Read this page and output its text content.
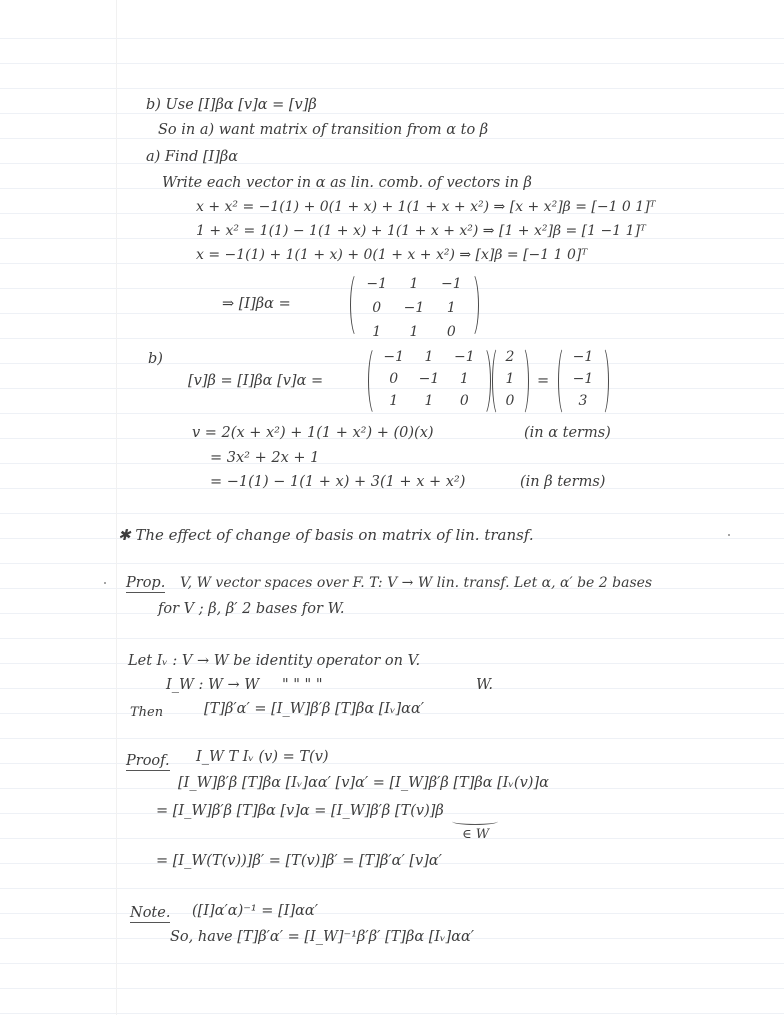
b) Use [I]βα [v]α = [v]β
So in a) want matrix of transition from α to β
a) Find [I]βα
Write each vector in α as lin. comb. of vectors in β
x + x² = −1(1) + 0(1 + x) + 1(1 + x + x²) ⇒ [x + x²]β = [−1 0 1]ᵀ
1 + x² = 1(1) − 1(1 + x) + 1(1 + x + x²) ⇒ [1 + x²]β = [1 −1 1]ᵀ
x = −1(1) + 1(1 + x) + 0(1 + x + x²) ⇒ [x]β = [−1 1 0]ᵀ
⇒ [I]βα =
−1	1	−1
0	−1	1
1	1	0
b)
[v]β = [I]βα [v]α =
−1	1	−1
0	−1	1
1	1	0
2
1
0
=
−1
−1
3
v = 2(x + x²) + 1(1 + x²) + (0)(x)	(in α terms)
= 3x² + 2x + 1
= −1(1) − 1(1 + x) + 3(1 + x + x²)	(in β terms)
✱ The effect of change of basis on matrix of lin. transf.
Prop. V, W vector spaces over F. T: V → W lin. transf. Let α, α′ be 2 bases
for V ; β, β′ 2 bases for W.
Let Iᵥ : V → W be identity operator on V.
I_W : W → W " " " "	W.
Then	[T]β′α′ = [I_W]β′β [T]βα [Iᵥ]αα′
Proof. I_W T Iᵥ (v) = T(v)
[I_W]β′β [T]βα [Iᵥ]αα′ [v]α′ = [I_W]β′β [T]βα [Iᵥ(v)]α
= [I_W]β′β [T]βα [v]α = [I_W]β′β [T(v)]β
∈ W
= [I_W(T(v))]β′ = [T(v)]β′ = [T]β′α′ [v]α′
Note. ([I]α′α)⁻¹ = [I]αα′
So, have [T]β′α′ = [I_W]⁻¹β′β′ [T]βα [Iᵥ]αα′
